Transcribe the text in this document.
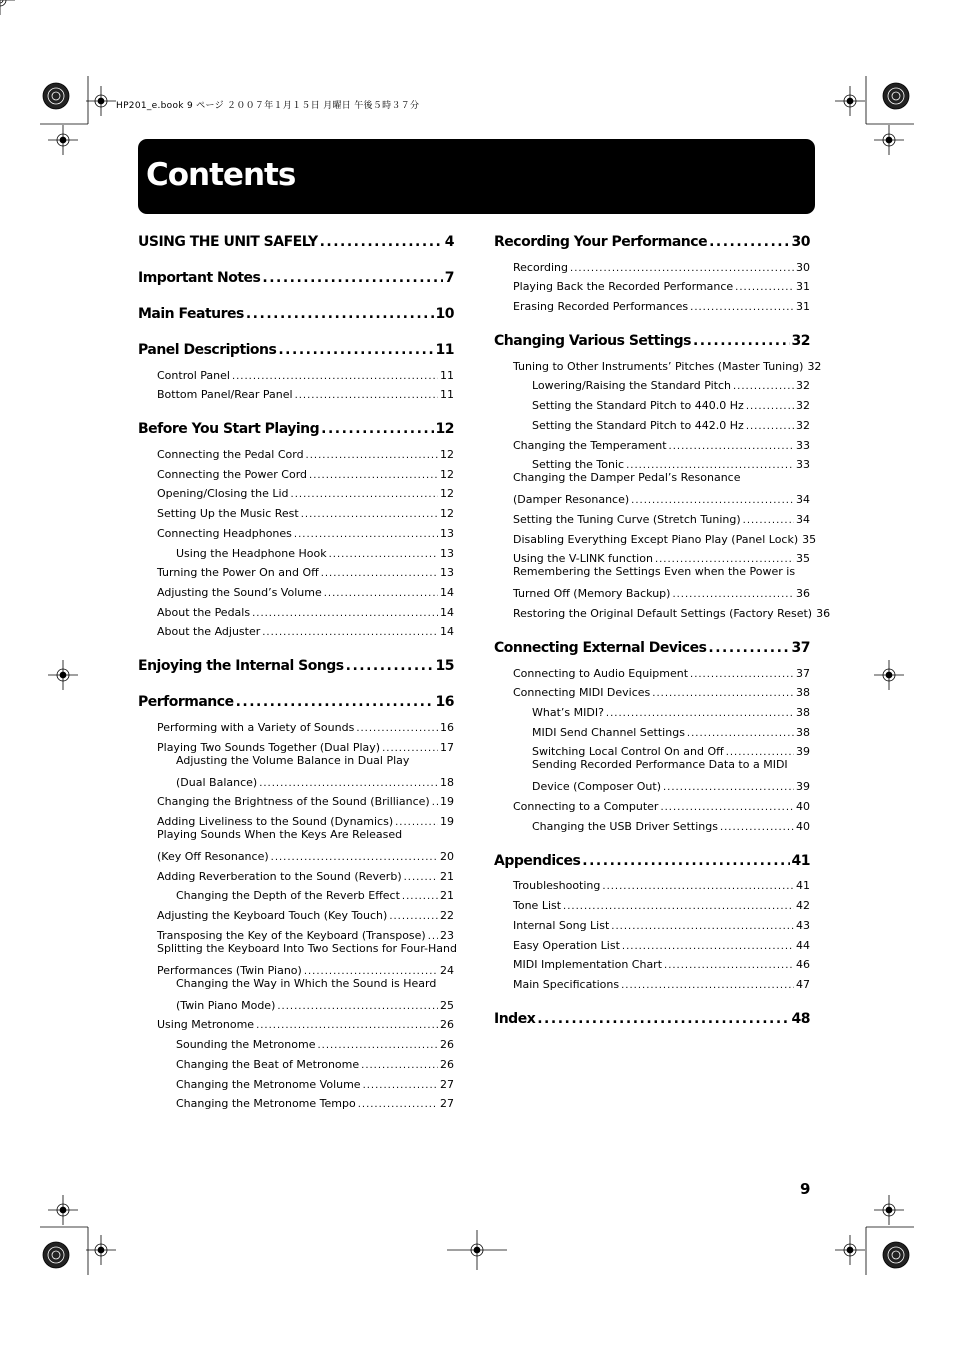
HP201_e.book 9 ページ ２００７年１月１５日 月曜日 午後５時３７分
Contents
USING THE UNIT SAFELY .....	4
Important Notes .....	7
Main Features .....	10
Panel Descriptions .....	11
Control Panel .....	11
Bottom Panel/Rear Panel .....	11
Before You Start Playing .....	12
Connecting the Pedal Cord .....	12
Connecting the Power Cord .....	12
Opening/Closing the Lid .....	12
Setting Up the Music Rest .....	12
Connecting Headphones .....	13
Using the Headphone Hook .....	13
Turning the Power On and Off .....	13
Adjusting the Sound’s Volume .....	14
About the Pedals .....	14
About the Adjuster .....	14
Enjoying the Internal Songs .....	15
Performance .....	16
Performing with a Variety of Sounds .....	16
Playing Two Sounds Together (Dual Play) .....	17
Adjusting the Volume Balance in Dual Play
(Dual Balance) .....	18
Changing the Brightness of the Sound (Brilliance) ..... 19
Adding Liveliness to the Sound (Dynamics) .....	19
Playing Sounds When the Keys Are Released
(Key Off Resonance) .....	20
Adding Reverberation to the Sound (Reverb) .....	21
Changing the Depth of the Reverb Effect .....	21
Adjusting the Keyboard Touch (Key Touch) .....	22
Transposing the Key of the Keyboard (Transpose) ..... 23
Splitting the Keyboard Into Two Sections for Four-Hand
Performances (Twin Piano) .....	24
Changing the Way in Which the Sound is Heard
(Twin Piano Mode) .....	25
Using Metronome .....	26
Sounding the Metronome .....	26
Changing the Beat of Metronome .....	26
Changing the Metronome Volume .....	27
Changing the Metronome Tempo .....	27
Recording Your Performance .....	30
Recording .....	30
Playing Back the Recorded Performance .....	31
Erasing Recorded Performances .....	31
Changing Various Settings .....	32
Tuning to Other Instruments’ Pitches (Master Tuning) 32
Lowering/Raising the Standard Pitch .....	32
Setting the Standard Pitch to 440.0 Hz .....	32
Setting the Standard Pitch to 442.0 Hz .....	32
Changing the Temperament .....	33
Setting the Tonic .....	33
Changing the Damper Pedal’s Resonance
(Damper Resonance) .....	34
Setting the Tuning Curve (Stretch Tuning) .....	34
Disabling Everything Except Piano Play (Panel Lock) 35
Using the V-LINK function .....	35
Remembering the Settings Even when the Power is
Turned Off (Memory Backup) .....	36
Restoring the Original Default Settings (Factory Reset) 36
Connecting External Devices .....	37
Connecting to Audio Equipment .....	37
Connecting MIDI Devices .....	38
What’s MIDI? .....	38
MIDI Send Channel Settings .....	38
Switching Local Control On and Off .....	39
Sending Recorded Performance Data to a MIDI
Device (Composer Out) .....	39
Connecting to a Computer .....	40
Changing the USB Driver Settings .....	40
Appendices .....	41
Troubleshooting .....	41
Tone List .....	42
Internal Song List .....	43
Easy Operation List .....	44
MIDI Implementation Chart .....	46
Main Specifications .....	47
Index .....	48
9
